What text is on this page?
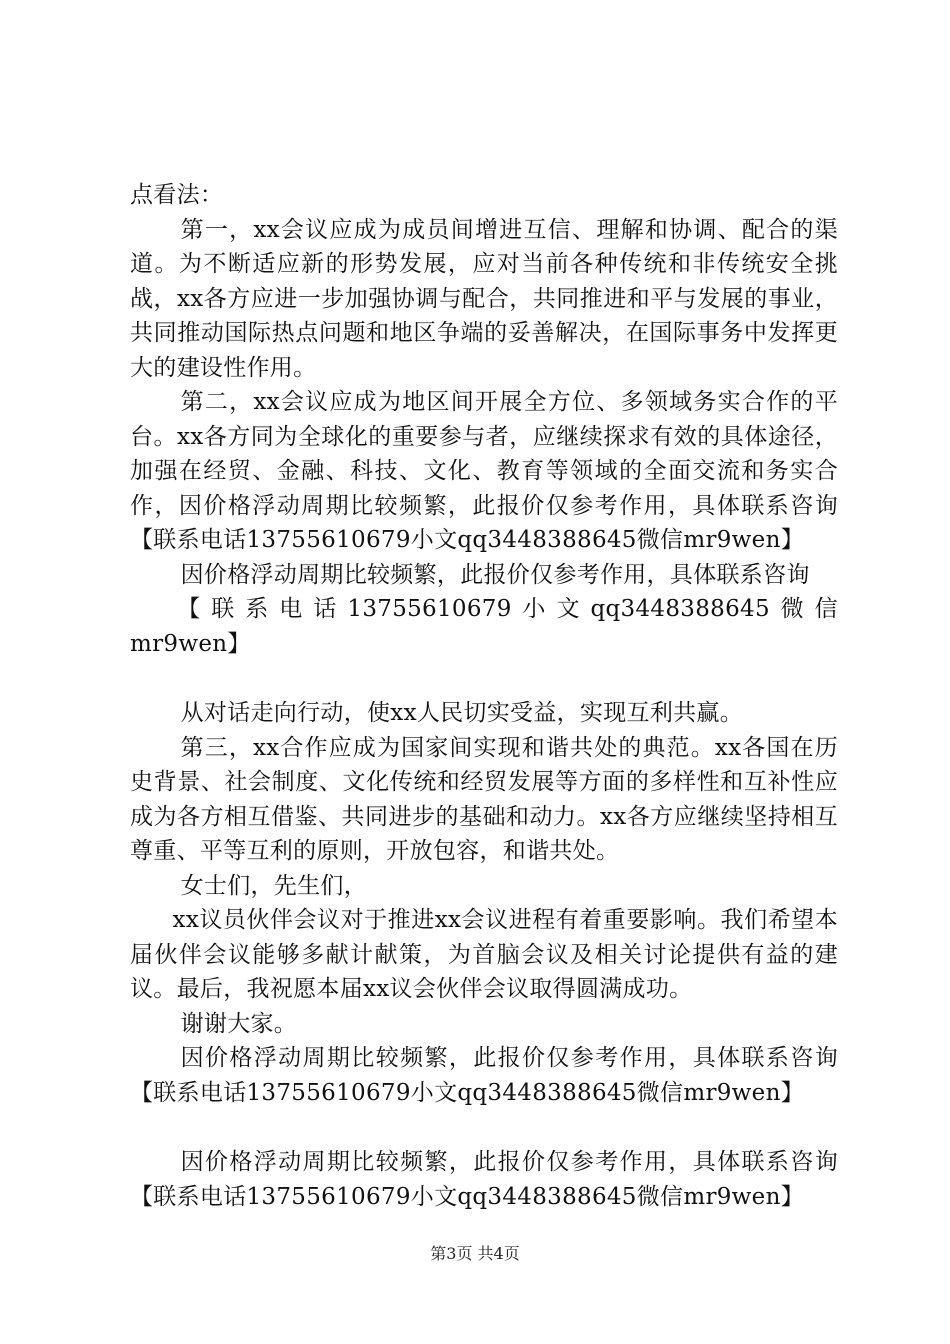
点看法：

第一，xx会议应成为成员间增进互信、理解和协调、配合的渠道。为不断适应新的形势发展，应对当前各种传统和非传统安全挑战，xx各方应进一步加强协调与配合，共同推进和平与发展的事业，共同推动国际热点问题和地区争端的妥善解决，在国际事务中发挥更大的建设性作用。

第二，xx会议应成为地区间开展全方位、多领域务实合作的平台。xx各方同为全球化的重要参与者，应继续探求有效的具体途径，加强在经贸、金融、科技、文化、教育等领域的全面交流和务实合作，因价格浮动周期比较频繁，此报价仅参考作用，具体联系咨询【联系电话13755610679小文qq3448388645微信mr9wen】

因价格浮动周期比较频繁，此报价仅参考作用，具体联系咨询

【联系电话13755610679小文qq3448388645微信mr9wen】

从对话走向行动，使xx人民切实受益，实现互利共赢。

第三，xx合作应成为国家间实现和谐共处的典范。xx各国在历史背景、社会制度、文化传统和经贸发展等方面的多样性和互补性应成为各方相互借鉴、共同进步的基础和动力。xx各方应继续坚持相互尊重、平等互利的原则，开放包容，和谐共处。

女士们，先生们，

xx议员伙伴会议对于推进xx会议进程有着重要影响。我们希望本届伙伴会议能够多献计献策，为首脑会议及相关讨论提供有益的建议。最后，我祝愿本届xx议会伙伴会议取得圆满成功。

谢谢大家。

因价格浮动周期比较频繁，此报价仅参考作用，具体联系咨询【联系电话13755610679小文qq3448388645微信mr9wen】

因价格浮动周期比较频繁，此报价仅参考作用，具体联系咨询【联系电话13755610679小文qq3448388645微信mr9wen】

第3页 共4页
